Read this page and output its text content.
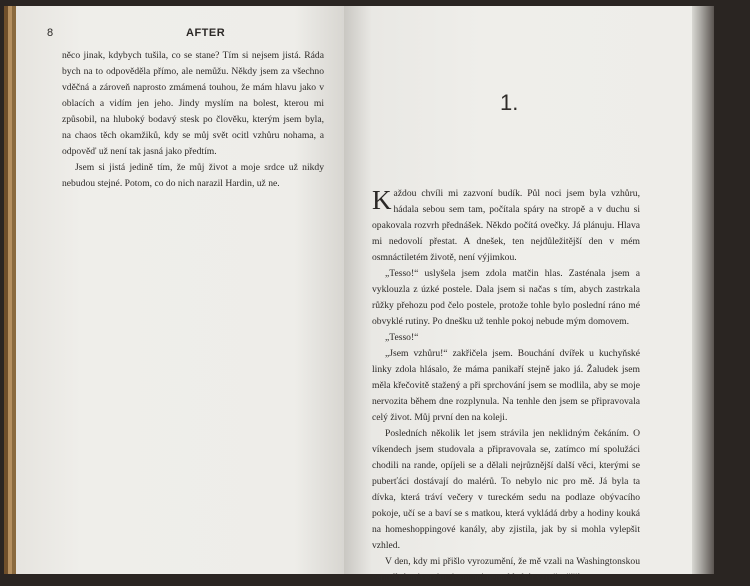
8	AFTER

něco jinak, kdybych tušila, co se stane? Tím si nejsem jistá. Ráda bych na to odpověděla přímo, ale nemůžu. Někdy jsem za všechno vděčná a zároveň naprosto zmámená touhou, že mám hlavu jako v oblacích a vidím jen jeho. Jindy myslím na bolest, kterou mi způsobil, na hluboký bodavý stesk po člověku, kterým jsem byla, na chaos těch okamžiků, kdy se můj svět ocitl vzhůru nohama, a odpověď už není tak jasná jako předtím.

Jsem si jistá jedině tím, že můj život a moje srdce už nikdy nebudou stejné. Potom, co do nich narazil Hardin, už ne.

1.

Každou chvíli mi zazvoní budík. Půl noci jsem byla vzhůru, hádala sebou sem tam, počítala spáry na stropě a v duchu si opakovala rozvrh přednášek. Někdo počítá ovečky. Já plánuju. Hlava mi nedovolí přestat. A dnešek, ten nejdůležitější den v mém osmnáctiletém životě, není výjimkou.

„Tesso!“ uslyšela jsem zdola matčin hlas. Zasténala jsem a vyklouzla z úzké postele. Dala jsem si načas s tím, abych zastrkala růžky přehozu pod čelo postele, protože tohle bylo poslední ráno mé obvyklé rutiny. Po dnešku už tenhle pokoj nebude mým domovem.

„Tesso!“

„Jsem vzhůru!“ zakřičela jsem. Bouchání dvířek u kuchyňské linky zdola hlásalo, že máma panikaří stejně jako já. Žaludek jsem měla křečovitě stažený a při sprchování jsem se modlila, aby se moje nervozita během dne rozplynula. Na tenhle den jsem se připravovala celý život. Můj první den na koleji.

Posledních několik let jsem strávila jen neklidným čekáním. O víkendech jsem studovala a připravovala se, zatímco mí spolužáci chodili na rande, opíjeli se a dělali nejrůznější další věci, kterými se puberťáci dostávají do malérů. To nebylo nic pro mě. Já byla ta dívka, která tráví večery v tureckém sedu na podlaze obývacího pokoje, učí se a baví se s matkou, která vykládá drby a hodiny kouká na homeshoppingové kanály, aby zjistila, jak by si mohla vylepšit vzhled.

V den, kdy mi přišlo vyrozumění, že mě vzali na Washingtonskou centrální univerzitu, jsem ani nemohla být vzrušenější.
